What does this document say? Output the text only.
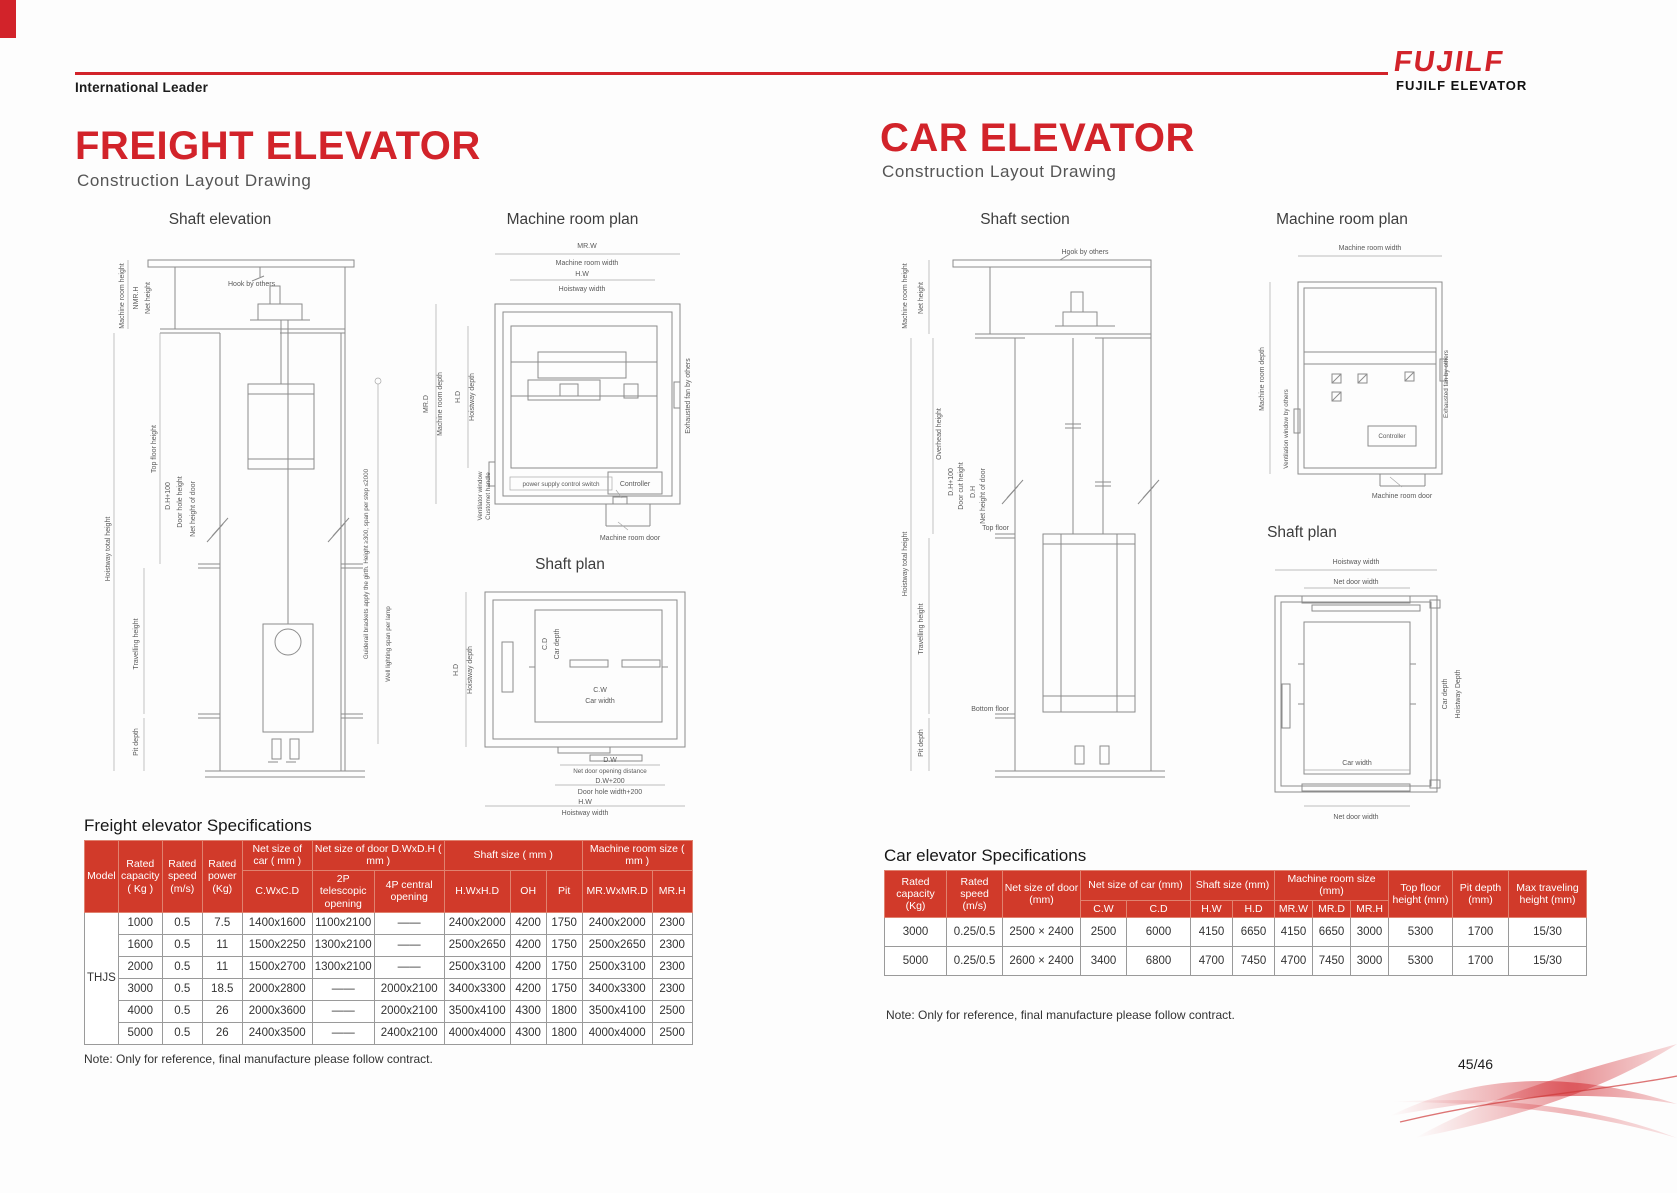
International Leader
FUJILF
FUJILF ELEVATOR
FREIGHT ELEVATOR
Construction Layout Drawing
CAR ELEVATOR
Construction Layout Drawing
Shaft elevation	Machine room plan
Shaft plan
Shaft section	Machine room plan
Shaft plan
Machine room height NMR.H Net height	Hook by others
Top floor height
D.H+100 Door hole height Net height of door
Hoistway total height
Travelling height
Pit depth
Guiderail brackets apply the girth. Height ≥300, span per step ≤2000 Well lighting span per lamp
MR.W
Machine room width
H.W
Hoistway width
MR.D Machine room depth H.D Hoistway depth
Ventilator window Customet handle	power supply control switch	Controller
Exhausted fan by others
Machine room door
H.D Hoistway depth
C.D Car depth
C.W
Car width
D.W
Net door opening distance
D.W+200
Door hole width+200
H.W
Hoistway width
Hook by others
Machine room height Net height
Overhead height
D.H+100 Door cut height D.H Net height of door
Top floor
Hoistway total height
Travelling height
Bottom floor
Pit depth
Machine room width
Machine room depth
Ventilation window by others	Controller
Exhausted fan by others
Machine room door
Hoistway width
Net door width
Car width
Car depth Hoistway Depth
Net door width
Freight elevator Specifications
Model	Rated capacity ( Kg )	Rated speed (m/s)	Rated power (Kg)	Net size of car ( mm )	Net size of door D.WxD.H ( mm )		Shaft size ( mm )			Machine room size ( mm )	
				C.WxC.D	2P telescopic opening	4P central opening	H.WxH.D	OH	Pit	MR.WxMR.D	MR.H
THJS	1000	0.5	7.5	1400x1600	1100x2100	——	2400x2000	4200	1750	2400x2000	2300
	1600	0.5	11	1500x2250	1300x2100	——	2500x2650	4200	1750	2500x2650	2300
	2000	0.5	11	1500x2700	1300x2100	——	2500x3100	4200	1750	2500x3100	2300
	3000	0.5	18.5	2000x2800	——	2000x2100	3400x3300	4200	1750	3400x3300	2300
	4000	0.5	26	2000x3600	——	2000x2100	3500x4100	4300	1800	3500x4100	2500
	5000	0.5	26	2400x3500	——	2400x2100	4000x4000	4300	1800	4000x4000	2500
Note: Only for reference, final manufacture please follow contract.
Car elevator Specifications
Rated capacity (Kg)	Rated speed (m/s)	Net size of door (mm)	Net size of car (mm)		Shaft size (mm)		Machine room size (mm)			Top floor height (mm)	Pit depth (mm)	Max traveling height (mm)
			C.W	C.D	H.W	H.D	MR.W	MR.D	MR.H			
3000	0.25/0.5	2500 × 2400	2500	6000	4150	6650	4150	6650	3000	5300	1700	15/30
5000	0.25/0.5	2600 × 2400	3400	6800	4700	7450	4700	7450	3000	5300	1700	15/30
Note: Only for reference, final manufacture please follow contract.
45/46
